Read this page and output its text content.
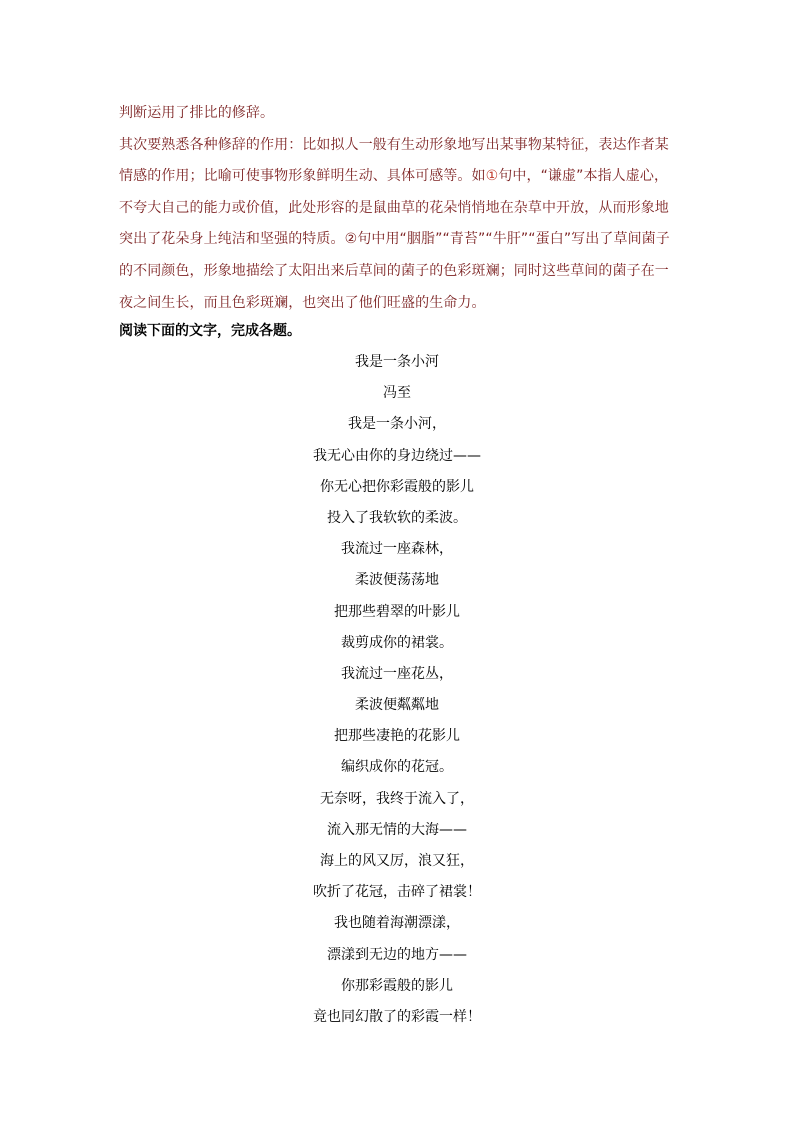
判断运用了排比的修辞。

其次要熟悉各种修辞的作用：比如拟人一般有生动形象地写出某事物某特征，表达作者某情感的作用；比喻可使事物形象鲜明生动、具体可感等。如①句中，“谦虚”本指人虚心，不夸大自己的能力或价值，此处形容的是鼠曲草的花朵悄悄地在杂草中开放，从而形象地突出了花朵身上纯洁和坚强的特质。②句中用“胭脂”“青苔”“牛肝”“蛋白”写出了草间菌子的不同颜色，形象地描绘了太阳出来后草间的菌子的色彩斑斓；同时这些草间的菌子在一夜之间生长，而且色彩斑斓，也突出了他们旺盛的生命力。

阅读下面的文字，完成各题。
我是一条小河
冯至
我是一条小河，
我无心由你的身边绕过——
你无心把你彩霞般的影儿
投入了我软软的柔波。
我流过一座森林，
柔波便荡荡地
把那些碧翠的叶影儿
裁剪成你的裙裳。
我流过一座花丛，
柔波便粼粼地
把那些凄艳的花影儿
编织成你的花冠。
无奈呀，我终于流入了，
流入那无情的大海——
海上的风又厉，浪又狂，
吹折了花冠，击碎了裙裳！
我也随着海潮漂漾，
漂漾到无边的地方——
你那彩霞般的影儿
竟也同幻散了的彩霞一样！
